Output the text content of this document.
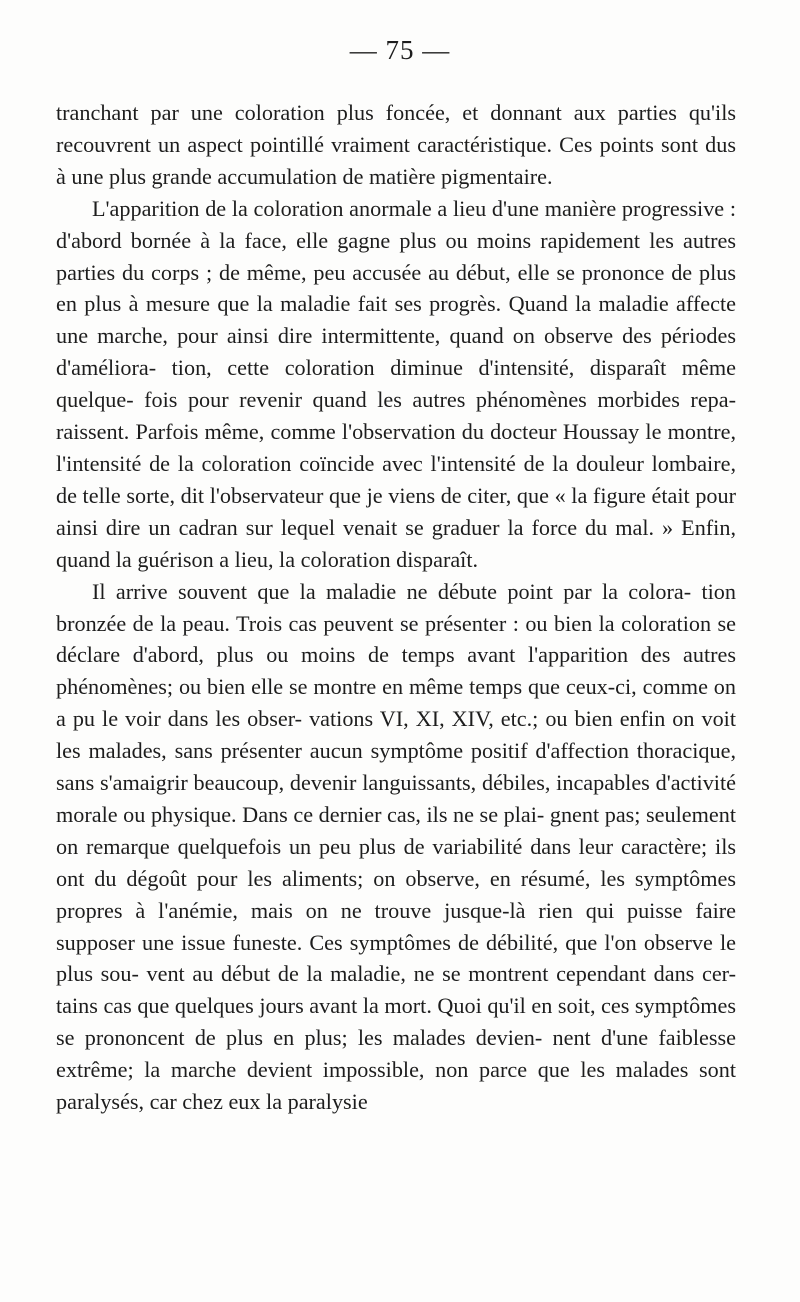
— 75 —

tranchant par une coloration plus foncée, et donnant aux parties qu'ils recouvrent un aspect pointillé vraiment caractéristique. Ces points sont dus à une plus grande accumulation de matière pigmentaire.

L'apparition de la coloration anormale a lieu d'une manière progressive : d'abord bornée à la face, elle gagne plus ou moins rapidement les autres parties du corps ; de même, peu accusée au début, elle se prononce de plus en plus à mesure que la maladie fait ses progrès. Quand la maladie affecte une marche, pour ainsi dire intermittente, quand on observe des périodes d'améliora- tion, cette coloration diminue d'intensité, disparaît même quelque- fois pour revenir quand les autres phénomènes morbides repa- raissent. Parfois même, comme l'observation du docteur Houssay le montre, l'intensité de la coloration coïncide avec l'intensité de la douleur lombaire, de telle sorte, dit l'observateur que je viens de citer, que « la figure était pour ainsi dire un cadran sur lequel venait se graduer la force du mal. » Enfin, quand la guérison a lieu, la coloration disparaît.

Il arrive souvent que la maladie ne débute point par la colora- tion bronzée de la peau. Trois cas peuvent se présenter : ou bien la coloration se déclare d'abord, plus ou moins de temps avant l'apparition des autres phénomènes; ou bien elle se montre en même temps que ceux-ci, comme on a pu le voir dans les obser- vations VI, XI, XIV, etc.; ou bien enfin on voit les malades, sans présenter aucun symptôme positif d'affection thoracique, sans s'amaigrir beaucoup, devenir languissants, débiles, incapables d'activité morale ou physique. Dans ce dernier cas, ils ne se plai- gnent pas; seulement on remarque quelquefois un peu plus de variabilité dans leur caractère; ils ont du dégoût pour les aliments; on observe, en résumé, les symptômes propres à l'anémie, mais on ne trouve jusque-là rien qui puisse faire supposer une issue funeste. Ces symptômes de débilité, que l'on observe le plus sou- vent au début de la maladie, ne se montrent cependant dans cer- tains cas que quelques jours avant la mort. Quoi qu'il en soit, ces symptômes se prononcent de plus en plus; les malades devien- nent d'une faiblesse extrême; la marche devient impossible, non parce que les malades sont paralysés, car chez eux la paralysie
